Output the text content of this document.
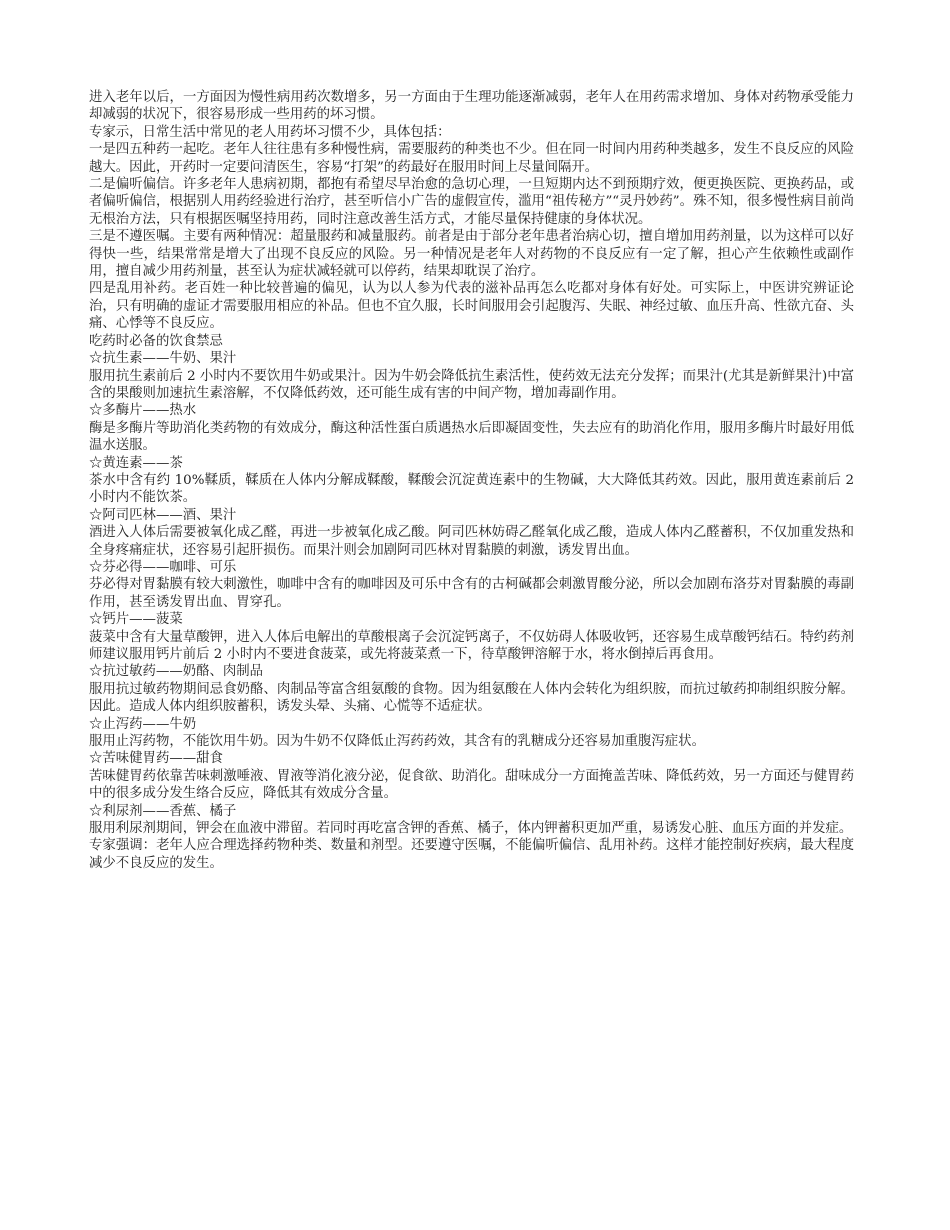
进入老年以后，一方面因为慢性病用药次数增多，另一方面由于生理功能逐渐减弱，老年人在用药需求增加、身体对药物承受能力却减弱的状况下，很容易形成一些用药的坏习惯。

专家示，日常生活中常见的老人用药坏习惯不少，具体包括：

一是四五种药一起吃。老年人往往患有多种慢性病，需要服药的种类也不少。但在同一时间内用药种类越多，发生不良反应的风险越大。因此，开药时一定要问清医生，容易“打架”的药最好在服用时间上尽量间隔开。

二是偏听偏信。许多老年人患病初期，都抱有希望尽早治愈的急切心理，一旦短期内达不到预期疗效，便更换医院、更换药品，或者偏听偏信，根据别人用药经验进行治疗，甚至听信小广告的虚假宣传，滥用“祖传秘方”“灵丹妙药”。殊不知，很多慢性病目前尚无根治方法，只有根据医嘱坚持用药，同时注意改善生活方式，才能尽量保持健康的身体状况。

三是不遵医嘱。主要有两种情况：超量服药和减量服药。前者是由于部分老年患者治病心切，擅自增加用药剂量，以为这样可以好得快一些，结果常常是增大了出现不良反应的风险。另一种情况是老年人对药物的不良反应有一定了解，担心产生依赖性或副作用，擅自减少用药剂量，甚至认为症状减轻就可以停药，结果却耽误了治疗。

四是乱用补药。老百姓一种比较普遍的偏见，认为以人参为代表的滋补品再怎么吃都对身体有好处。可实际上，中医讲究辨证论治，只有明确的虚证才需要服用相应的补品。但也不宜久服，长时间服用会引起腹泻、失眠、神经过敏、血压升高、性欲亢奋、头痛、心悸等不良反应。

吃药时必备的饮食禁忌

☆抗生素——牛奶、果汁

服用抗生素前后 2 小时内不要饮用牛奶或果汁。因为牛奶会降低抗生素活性，使药效无法充分发挥；而果汁(尤其是新鲜果汁)中富含的果酸则加速抗生素溶解，不仅降低药效，还可能生成有害的中间产物，增加毒副作用。

☆多酶片——热水

酶是多酶片等助消化类药物的有效成分，酶这种活性蛋白质遇热水后即凝固变性，失去应有的助消化作用，服用多酶片时最好用低温水送服。

☆黄连素——茶

茶水中含有约 10%鞣质，鞣质在人体内分解成鞣酸，鞣酸会沉淀黄连素中的生物碱，大大降低其药效。因此，服用黄连素前后 2 小时内不能饮茶。

☆阿司匹林——酒、果汁

酒进入人体后需要被氧化成乙醛，再进一步被氧化成乙酸。阿司匹林妨碍乙醛氧化成乙酸，造成人体内乙醛蓄积，不仅加重发热和全身疼痛症状，还容易引起肝损伤。而果汁则会加剧阿司匹林对胃黏膜的刺激，诱发胃出血。

☆芬必得——咖啡、可乐

芬必得对胃黏膜有较大刺激性，咖啡中含有的咖啡因及可乐中含有的古柯碱都会刺激胃酸分泌，所以会加剧布洛芬对胃黏膜的毒副作用，甚至诱发胃出血、胃穿孔。

☆钙片——菠菜

菠菜中含有大量草酸钾，进入人体后电解出的草酸根离子会沉淀钙离子，不仅妨碍人体吸收钙，还容易生成草酸钙结石。特约药剂师建议服用钙片前后 2 小时内不要进食菠菜，或先将菠菜煮一下，待草酸钾溶解于水，将水倒掉后再食用。

☆抗过敏药——奶酪、肉制品

服用抗过敏药物期间忌食奶酪、肉制品等富含组氨酸的食物。因为组氨酸在人体内会转化为组织胺，而抗过敏药抑制组织胺分解。因此。造成人体内组织胺蓄积，诱发头晕、头痛、心慌等不适症状。

☆止泻药——牛奶

服用止泻药物，不能饮用牛奶。因为牛奶不仅降低止泻药药效，其含有的乳糖成分还容易加重腹泻症状。

☆苦味健胃药——甜食

苦味健胃药依靠苦味刺激唾液、胃液等消化液分泌，促食欲、助消化。甜味成分一方面掩盖苦味、降低药效，另一方面还与健胃药中的很多成分发生络合反应，降低其有效成分含量。

☆利尿剂——香蕉、橘子

服用利尿剂期间，钾会在血液中滞留。若同时再吃富含钾的香蕉、橘子，体内钾蓄积更加严重，易诱发心脏、血压方面的并发症。

专家强调：老年人应合理选择药物种类、数量和剂型。还要遵守医嘱，不能偏听偏信、乱用补药。这样才能控制好疾病，最大程度减少不良反应的发生。
